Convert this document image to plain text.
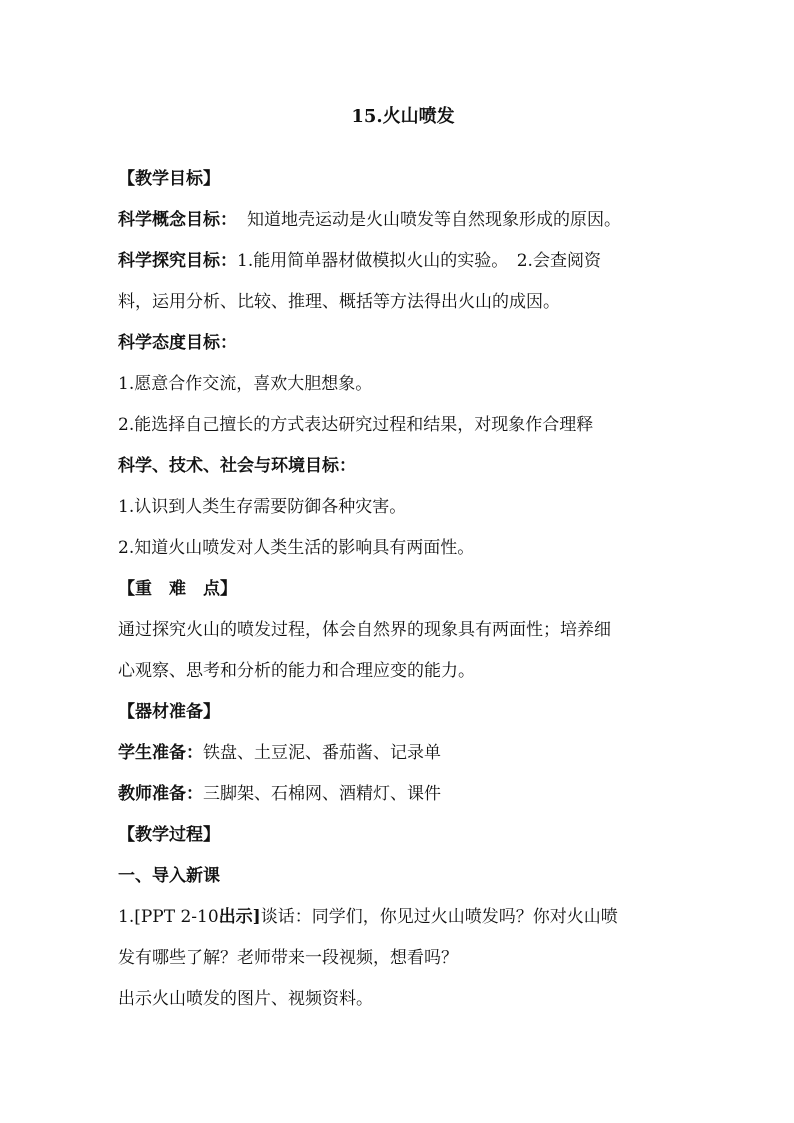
15.火山喷发
【教学目标】
科学概念目标： 知道地壳运动是火山喷发等自然现象形成的原因。
科学探究目标：1.能用简单器材做模拟火山的实验。　2.会查阅资
料，运用分析、比较、推理、概括等方法得出火山的成因。
科学态度目标：
1.愿意合作交流，喜欢大胆想象。
2.能选择自己擅长的方式表达研究过程和结果，对现象作合理释
科学、技术、社会与环境目标：
1.认识到人类生存需要防御各种灾害。
2.知道火山喷发对人类生活的影响具有两面性。
【重　难　点】
通过探究火山的喷发过程，体会自然界的现象具有两面性；培养细
心观察、思考和分析的能力和合理应变的能力。
【器材准备】
学生准备：铁盘、土豆泥、番茄酱、记录单
教师准备：三脚架、石棉网、酒精灯、课件
【教学过程】
一、导入新课
1.[PPT 2-10出示]谈话：同学们，你见过火山喷发吗？你对火山喷
发有哪些了解？老师带来一段视频，想看吗？
出示火山喷发的图片、视频资料。
